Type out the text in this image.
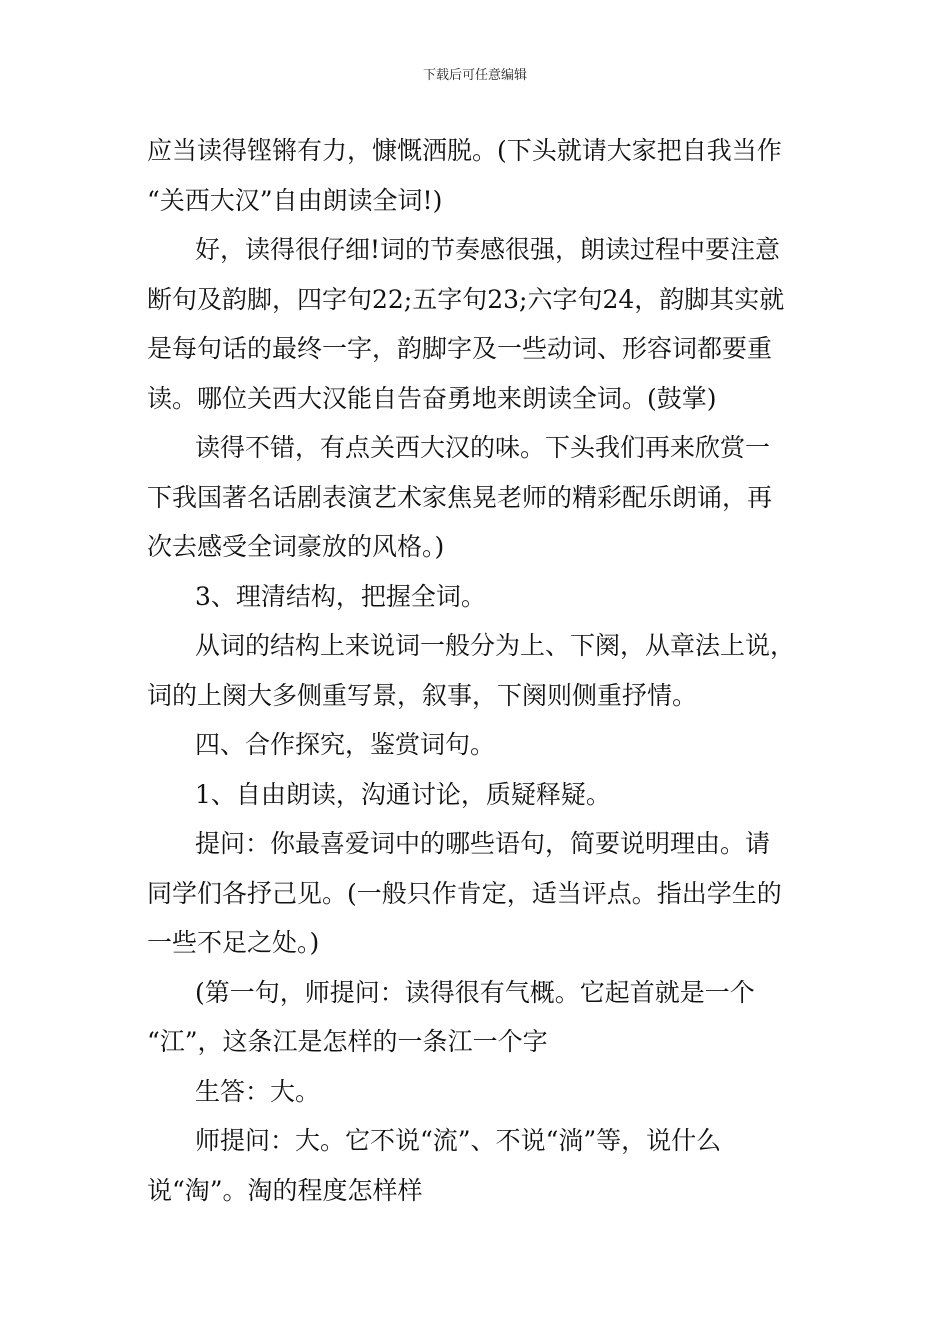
下载后可任意编辑
应当读得铿锵有力，慷慨洒脱。(下头就请大家把自我当作
“关西大汉”自由朗读全词!)
好，读得很仔细!词的节奏感很强，朗读过程中要注意
断句及韵脚，四字句22;五字句23;六字句24，韵脚其实就
是每句话的最终一字，韵脚字及一些动词、形容词都要重
读。哪位关西大汉能自告奋勇地来朗读全词。(鼓掌)
读得不错，有点关西大汉的味。下头我们再来欣赏一
下我国著名话剧表演艺术家焦晃老师的精彩配乐朗诵，再
次去感受全词豪放的风格。)
3、理清结构，把握全词。
从词的结构上来说词一般分为上、下阕，从章法上说，
词的上阕大多侧重写景，叙事，下阕则侧重抒情。
四、合作探究，鉴赏词句。
1、自由朗读，沟通讨论，质疑释疑。
提问：你最喜爱词中的哪些语句，简要说明理由。请
同学们各抒己见。(一般只作肯定，适当评点。指出学生的
一些不足之处。)
(第一句，师提问：读得很有气概。它起首就是一个
“江”，这条江是怎样的一条江一个字
生答：大。
师提问：大。它不说“流”、不说“淌”等，说什么
说“淘”。淘的程度怎样样
